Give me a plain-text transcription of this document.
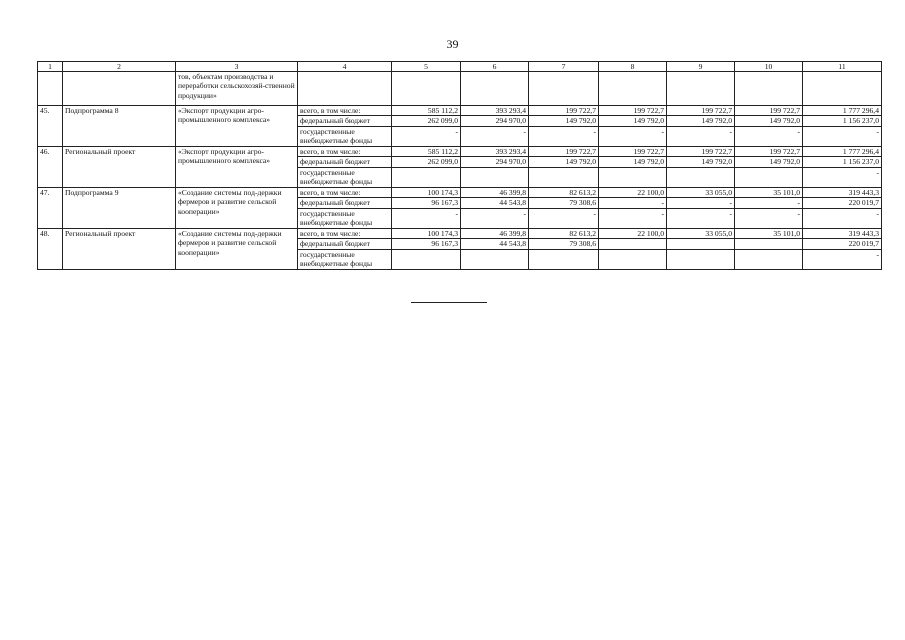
39
1	2	3	4	5	6	7	8	9	10	11
		тов, объектам производства и переработки сельскохозяй-ственной продукции»								
45.	Подпрограмма 8	«Экспорт продукции агро-промышленного комплекса»	всего, в том числе:	585 112,2	393 293,4	199 722,7	199 722,7	199 722,7	199 722,7	1 777 296,4
			федеральный бюджет	262 099,0	294 970,0	149 792,0	149 792,0	149 792,0	149 792,0	1 156 237,0
			государственные внебюджетные фонды	-	-	-	-	-	-	-
46.	Региональный проект	«Экспорт продукции агро-промышленного комплекса»	всего, в том числе:	585 112,2	393 293,4	199 722,7	199 722,7	199 722,7	199 722,7	1 777 296,4
			федеральный бюджет	262 099,0	294 970,0	149 792,0	149 792,0	149 792,0	149 792,0	1 156 237,0
			государственные внебюджетные фонды							-
47.	Подпрограмма 9	«Создание системы под-держки фермеров и развитие сельской кооперации»	всего, в том числе:	100 174,3	46 399,8	82 613,2	22 100,0	33 055,0	35 101,0	319 443,3
			федеральный бюджет	96 167,3	44 543,8	79 308,6	-	-	-	220 019,7
			государственные внебюджетные фонды	-	-	-	-	-	-	-
48.	Региональный проект	«Создание системы под-держки фермеров и развитие сельской кооперации»	всего, в том числе:	100 174,3	46 399,8	82 613,2	22 100,0	33 055,0	35 101,0	319 443,3
			федеральный бюджет	96 167,3	44 543,8	79 308,6				220 019,7
			государственные внебюджетные фонды							-
